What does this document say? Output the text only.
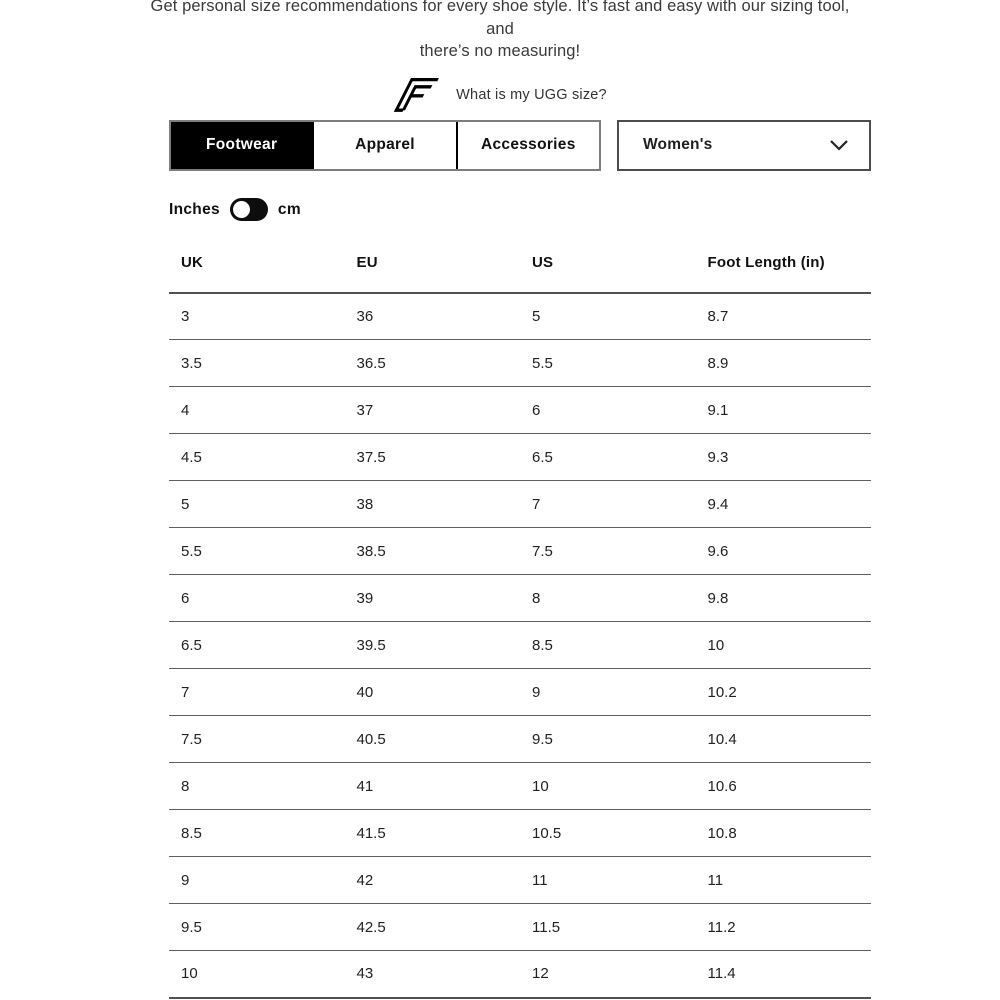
Get personal size recommendations for every shoe style. It’s fast and easy with our sizing tool, and
there’s no measuring!
What is my UGG size?
Footwear	Apparel	Accessories	Women's
Inches	cm
UK	EU	US	Foot Length (in)
3	36	5	8.7
3.5	36.5	5.5	8.9
4	37	6	9.1
4.5	37.5	6.5	9.3
5	38	7	9.4
5.5	38.5	7.5	9.6
6	39	8	9.8
6.5	39.5	8.5	10
7	40	9	10.2
7.5	40.5	9.5	10.4
8	41	10	10.6
8.5	41.5	10.5	10.8
9	42	11	11
9.5	42.5	11.5	11.2
10	43	12	11.4
